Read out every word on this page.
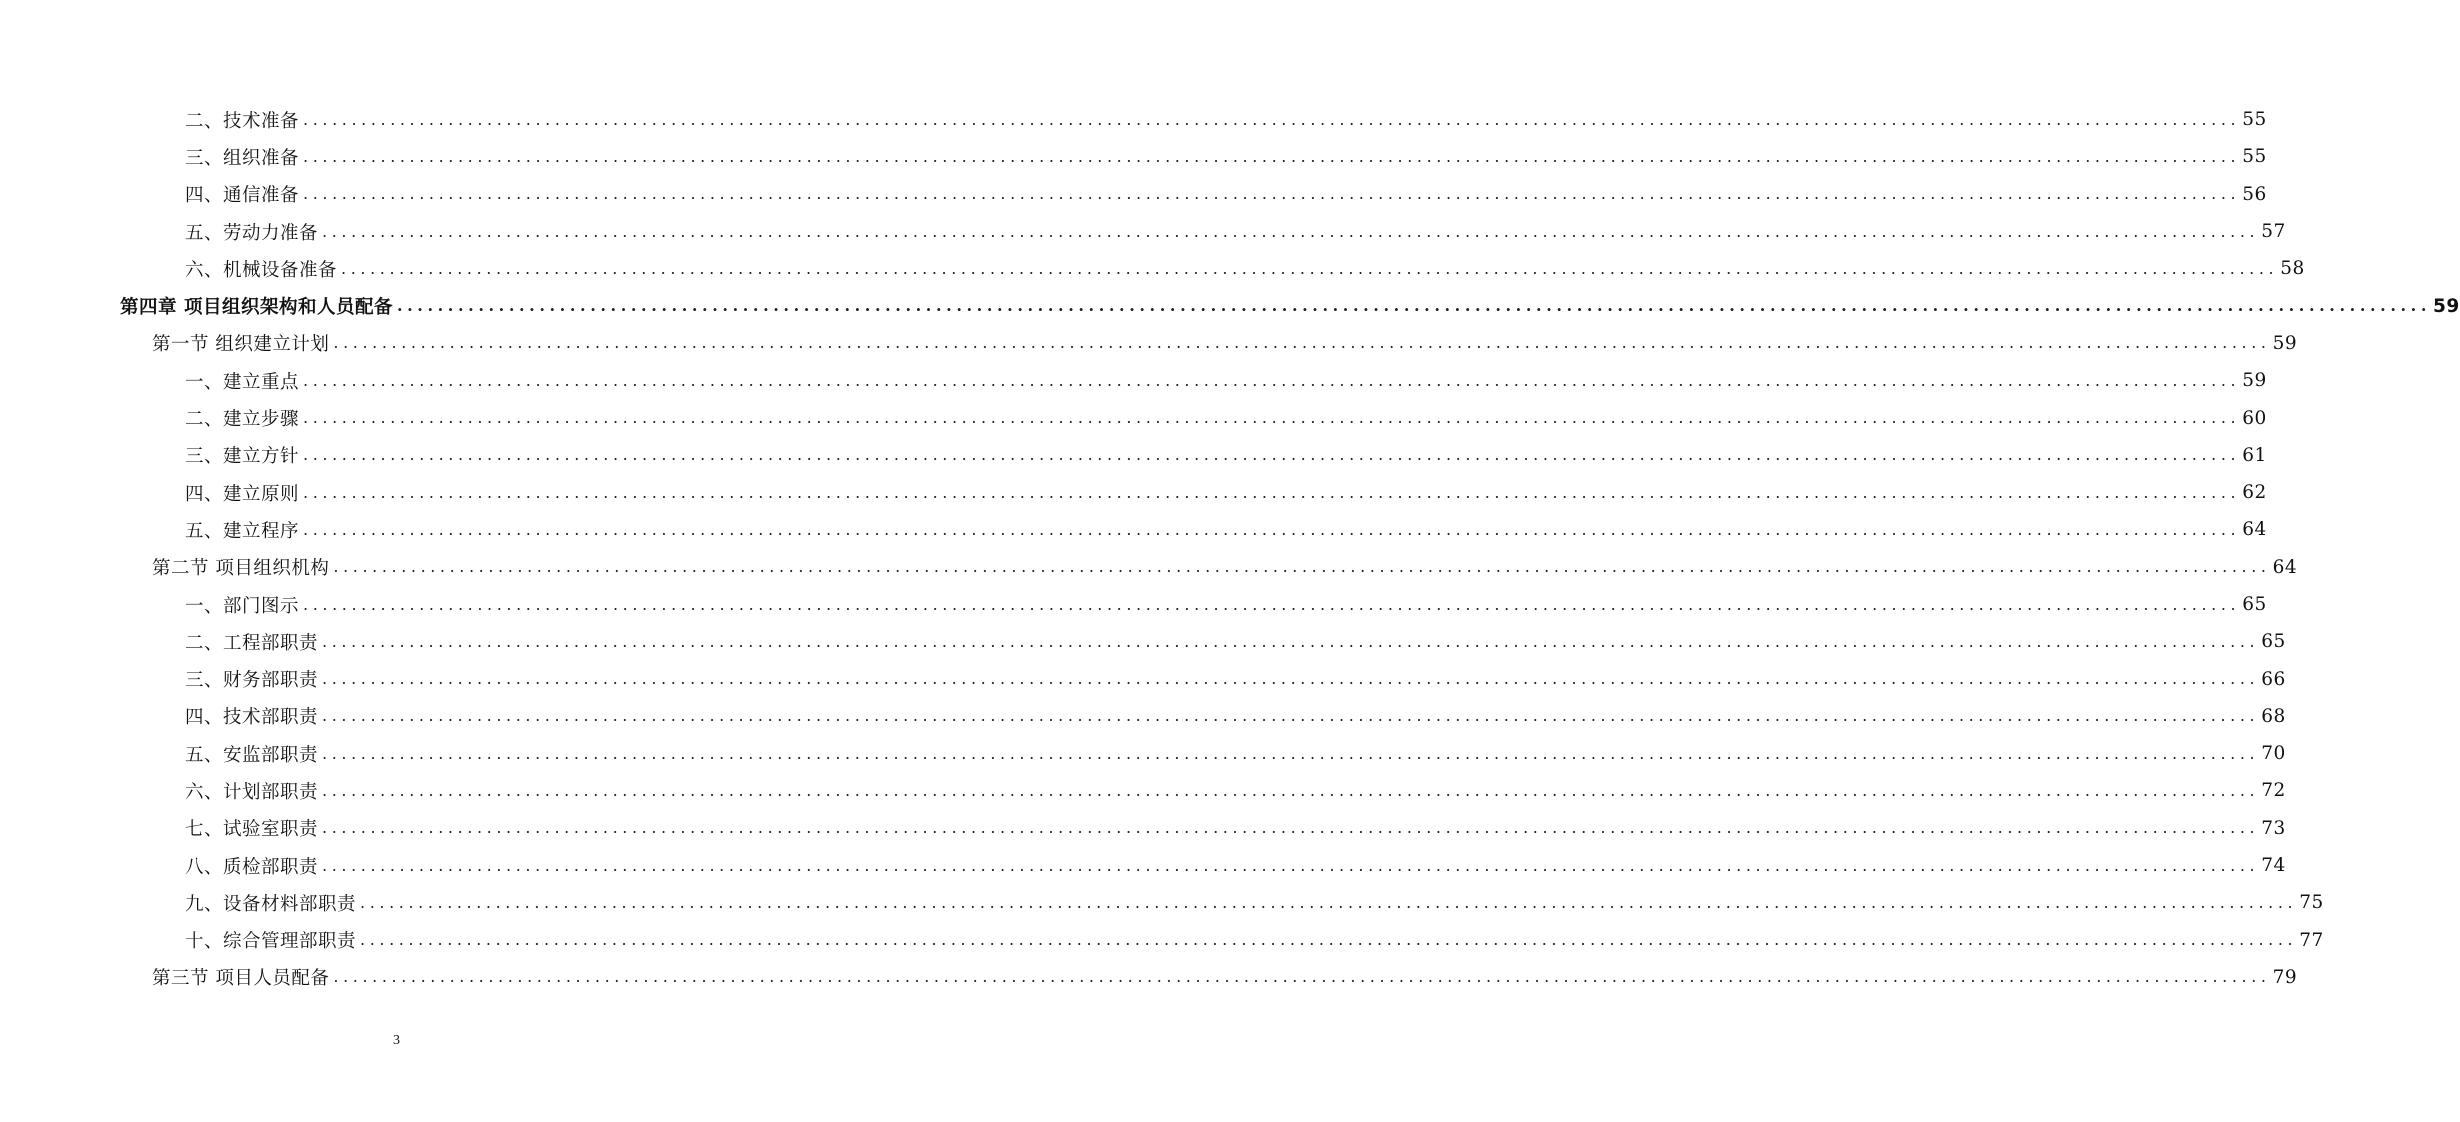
二、技术准备 ........................................................................................................................................................................................................ 55
三、组织准备 ........................................................................................................................................................................................................ 55
四、通信准备 ........................................................................................................................................................................................................ 56
五、劳动力准备 ........................................................................................................................................................................................................ 57
六、机械设备准备 ........................................................................................................................................................................................................ 58
第四章 项目组织架构和人员配备 ........................................................................................................................................................................................................ 59
第一节 组织建立计划 ........................................................................................................................................................................................................ 59
一、建立重点 ........................................................................................................................................................................................................ 59
二、建立步骤 ........................................................................................................................................................................................................ 60
三、建立方针 ........................................................................................................................................................................................................ 61
四、建立原则 ........................................................................................................................................................................................................ 62
五、建立程序 ........................................................................................................................................................................................................ 64
第二节 项目组织机构 ........................................................................................................................................................................................................ 64
一、部门图示 ........................................................................................................................................................................................................ 65
二、工程部职责 ........................................................................................................................................................................................................ 65
三、财务部职责 ........................................................................................................................................................................................................ 66
四、技术部职责 ........................................................................................................................................................................................................ 68
五、安监部职责 ........................................................................................................................................................................................................ 70
六、计划部职责 ........................................................................................................................................................................................................ 72
七、试验室职责 ........................................................................................................................................................................................................ 73
八、质检部职责 ........................................................................................................................................................................................................ 74
九、设备材料部职责 ........................................................................................................................................................................................................ 75
十、综合管理部职责 ........................................................................................................................................................................................................ 77
第三节 项目人员配备 ........................................................................................................................................................................................................ 79
3
